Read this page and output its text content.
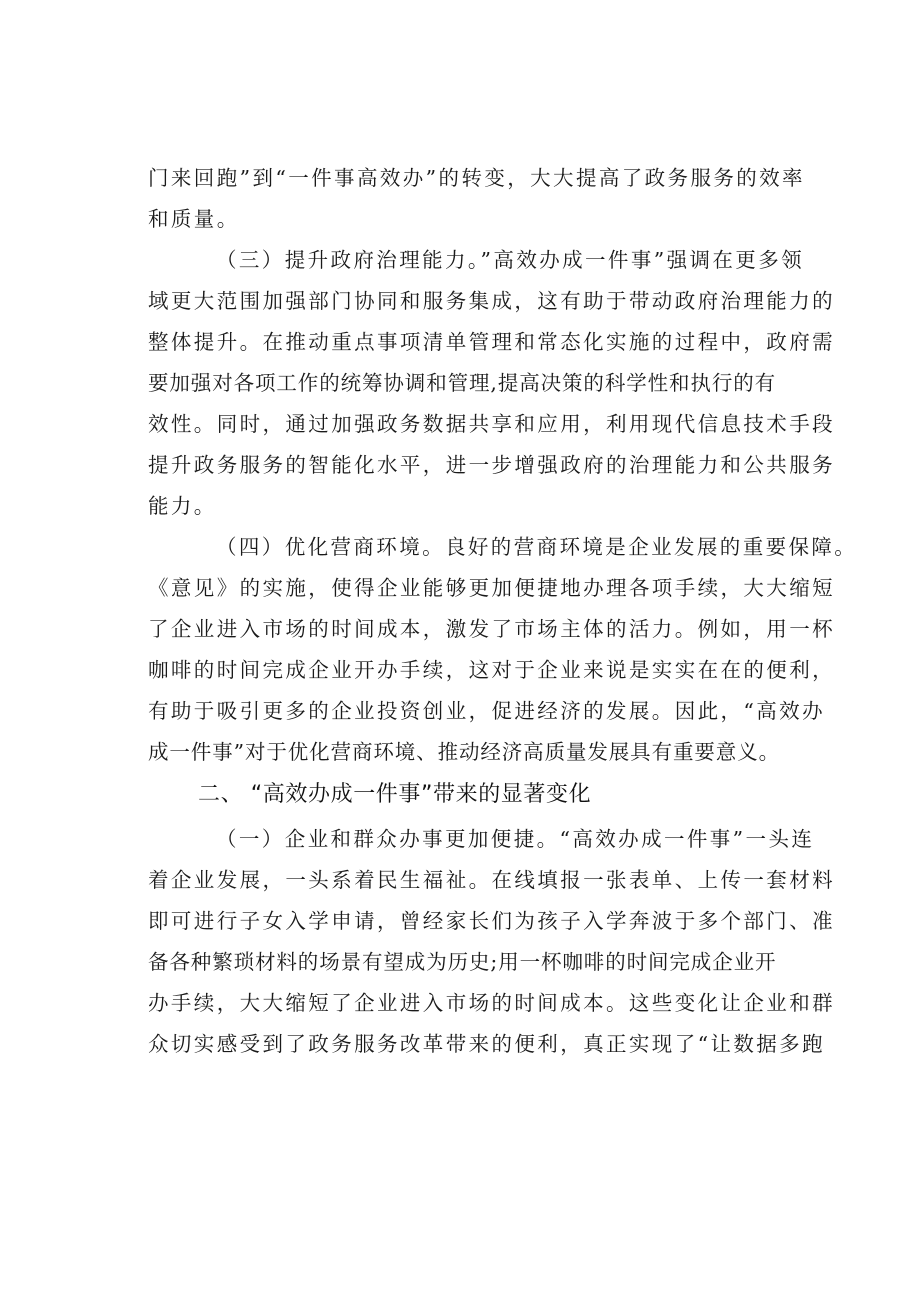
门来回跑”到“一件事高效办”的转变，大大提高了政务服务的效率
和质量。
（三）提升政府治理能力。”高效办成一件事”强调在更多领
域更大范围加强部门协同和服务集成，这有助于带动政府治理能力的
整体提升。在推动重点事项清单管理和常态化实施的过程中，政府需
要加强对各项工作的统筹协调和管理,提高决策的科学性和执行的有
效性。同时，通过加强政务数据共享和应用，利用现代信息技术手段
提升政务服务的智能化水平，进一步增强政府的治理能力和公共服务
能力。
（四）优化营商环境。良好的营商环境是企业发展的重要保障。
《意见》的实施，使得企业能够更加便捷地办理各项手续，大大缩短
了企业进入市场的时间成本，激发了市场主体的活力。例如，用一杯
咖啡的时间完成企业开办手续，这对于企业来说是实实在在的便利，
有助于吸引更多的企业投资创业，促进经济的发展。因此，“高效办
成一件事”对于优化营商环境、推动经济高质量发展具有重要意义。
二、 “高效办成一件事”带来的显著变化
（一）企业和群众办事更加便捷。“高效办成一件事”一头连
着企业发展，一头系着民生福祉。在线填报一张表单、上传一套材料
即可进行子女入学申请，曾经家长们为孩子入学奔波于多个部门、准
备各种繁琐材料的场景有望成为历史;用一杯咖啡的时间完成企业开
办手续，大大缩短了企业进入市场的时间成本。这些变化让企业和群
众切实感受到了政务服务改革带来的便利，真正实现了“让数据多跑
